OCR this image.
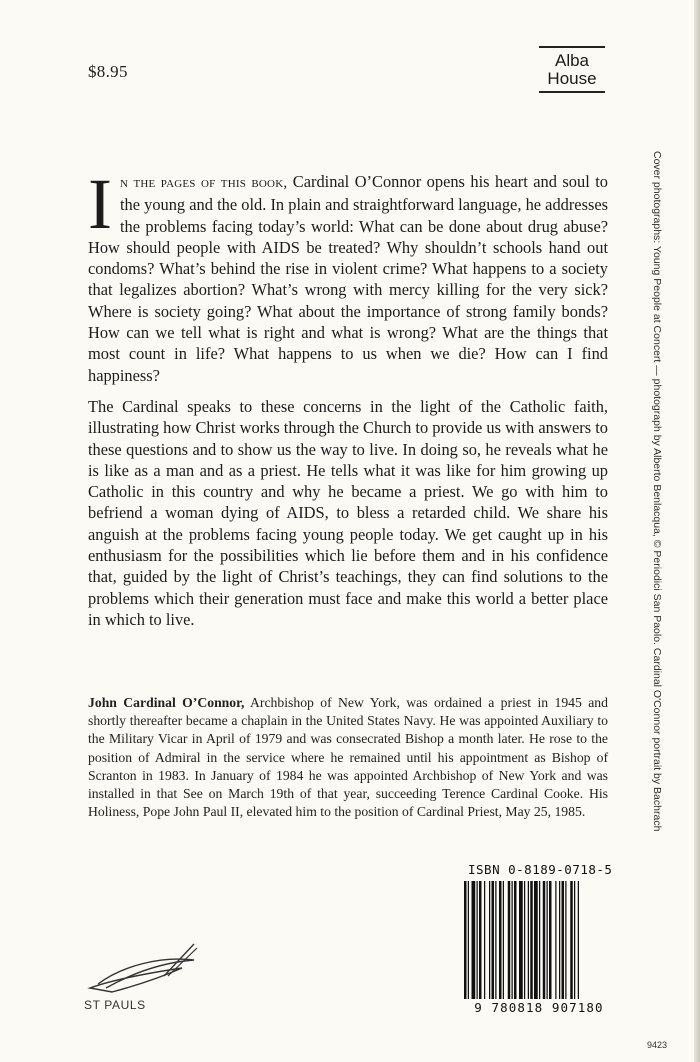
$8.95
Alba
House
Cover photographs: Young People at Concert — photograph by Alberto Benlacqua, © Periodici San Paolo. Cardinal O'Connor portrait by Bachrach

In the pages of this book, Cardinal O’Connor opens his heart and soul to the young and the old. In plain and straightforward language, he addresses the problems facing today’s world: What can be done about drug abuse? How should people with AIDS be treated? Why shouldn’t schools hand out condoms? What’s behind the rise in violent crime? What happens to a society that legalizes abortion? What’s wrong with mercy killing for the very sick? Where is society going? What about the importance of strong family bonds? How can we tell what is right and what is wrong? What are the things that most count in life? What happens to us when we die? How can I find happiness?

The Cardinal speaks to these concerns in the light of the Catholic faith, illustrating how Christ works through the Church to provide us with answers to these questions and to show us the way to live. In doing so, he reveals what he is like as a man and as a priest. He tells what it was like for him growing up Catholic in this country and why he became a priest. We go with him to befriend a woman dying of AIDS, to bless a retarded child. We share his anguish at the problems facing young people today. We get caught up in his enthusiasm for the possibilities which lie before them and in his confidence that, guided by the light of Christ’s teachings, they can find solutions to the problems which their generation must face and make this world a better place in which to live.

John Cardinal O’Connor, Archbishop of New York, was ordained a priest in 1945 and shortly thereafter became a chaplain in the United States Navy. He was appointed Auxiliary to the Military Vicar in April of 1979 and was consecrated Bishop a month later. He rose to the position of Admiral in the service where he remained until his appointment as Bishop of Scranton in 1983. In January of 1984 he was appointed Archbishop of New York and was installed in that See on March 19th of that year, succeeding Terence Cardinal Cooke. His Holiness, Pope John Paul II, elevated him to the position of Cardinal Priest, May 25, 1985.
ST PAULS
ISBN 0-8189-0718-5
9 780818 907180
9423
